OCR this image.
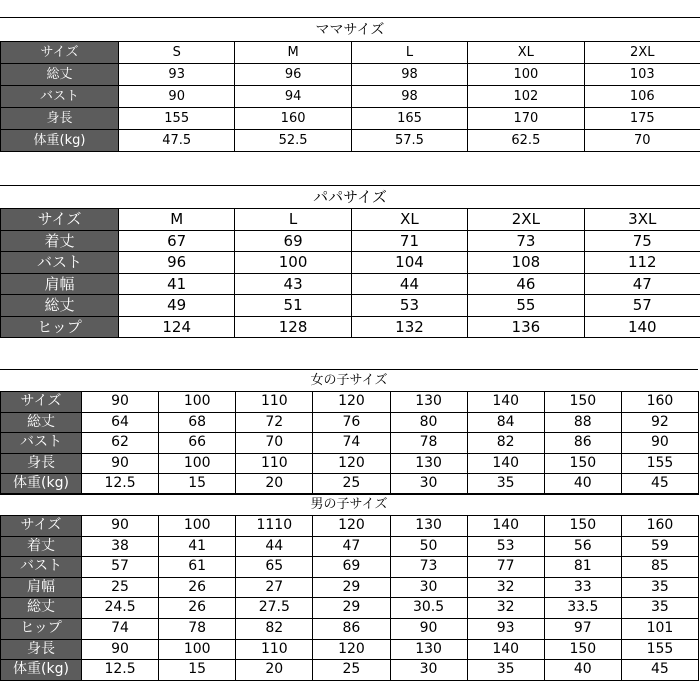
ママサイズ
サイズ	S	M	L	XL	2XL
総丈	93	96	98	100	103
バスト	90	94	98	102	106
身長	155	160	165	170	175
体重(kg)	47.5	52.5	57.5	62.5	70
パパサイズ
サイズ	M	L	XL	2XL	3XL
着丈	67	69	71	73	75
バスト	96	100	104	108	112
肩幅	41	43	44	46	47
総丈	49	51	53	55	57
ヒップ	124	128	132	136	140
女の子サイズ
サイズ	90	100	110	120	130	140	150	160
総丈	64	68	72	76	80	84	88	92
バスト	62	66	70	74	78	82	86	90
身長	90	100	110	120	130	140	150	155
体重(kg)	12.5	15	20	25	30	35	40	45
男の子サイズ
サイズ	90	100	1110	120	130	140	150	160
着丈	38	41	44	47	50	53	56	59
バスト	57	61	65	69	73	77	81	85
肩幅	25	26	27	29	30	32	33	35
総丈	24.5	26	27.5	29	30.5	32	33.5	35
ヒップ	74	78	82	86	90	93	97	101
身長	90	100	110	120	130	140	150	155
体重(kg)	12.5	15	20	25	30	35	40	45
